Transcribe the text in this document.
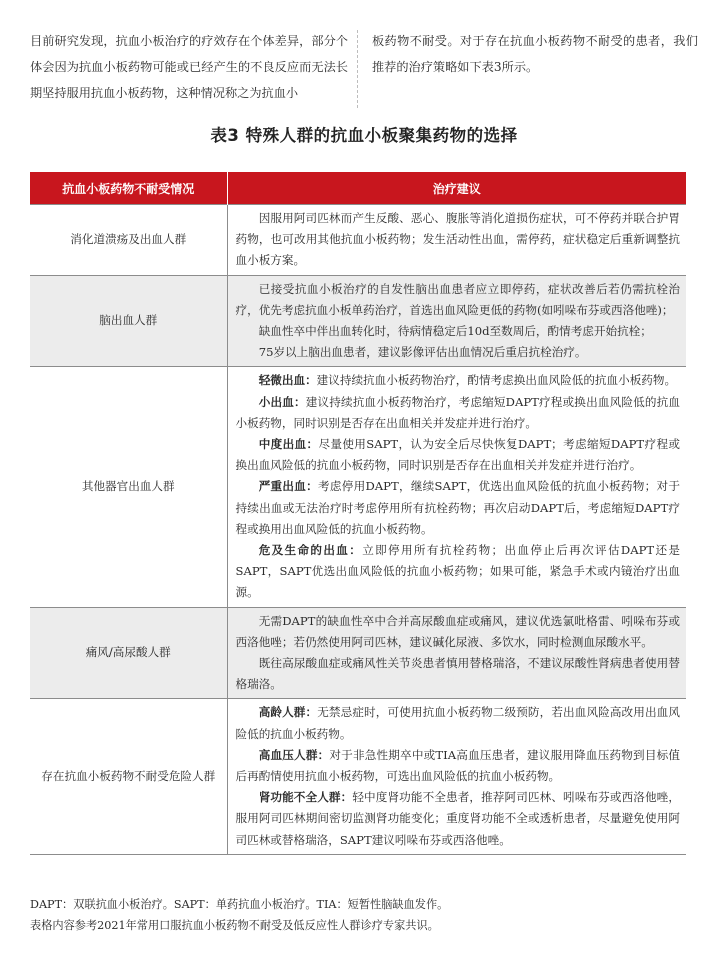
目前研究发现，抗血小板治疗的疗效存在个体差异，部分个体会因为抗血小板药物可能或已经产生的不良反应而无法长期坚持服用抗血小板药物，这种情况称之为抗血小
板药物不耐受。对于存在抗血小板药物不耐受的患者，我们推荐的治疗策略如下表3所示。
表3 特殊人群的抗血小板聚集药物的选择
抗血小板药物不耐受情况	治疗建议
消化道溃疡及出血人群	因服用阿司匹林而产生反酸、恶心、腹胀等消化道损伤症状，可不停药并联合护胃药物，也可改用其他抗血小板药物；发生活动性出血，需停药，症状稳定后重新调整抗血小板方案。

脑出血人群	已接受抗血小板治疗的自发性脑出血患者应立即停药，症状改善后若仍需抗栓治疗，优先考虑抗血小板单药治疗，首选出血风险更低的药物(如吲哚布芬或西洛他唑)；
缺血性卒中伴出血转化时，待病情稳定后10d至数周后，酌情考虑开始抗栓；
75岁以上脑出血患者，建议影像评估出血情况后重启抗栓治疗。

其他器官出血人群	轻微出血：建议持续抗血小板药物治疗，酌情考虑换出血风险低的抗血小板药物。
小出血：建议持续抗血小板药物治疗，考虑缩短DAPT疗程或换出血风险低的抗血小板药物，同时识别是否存在出血相关并发症并进行治疗。
中度出血：尽量使用SAPT，认为安全后尽快恢复DAPT；考虑缩短DAPT疗程或换出血风险低的抗血小板药物，同时识别是否存在出血相关并发症并进行治疗。
严重出血：考虑停用DAPT，继续SAPT，优选出血风险低的抗血小板药物；对于持续出血或无法治疗时考虑停用所有抗栓药物；再次启动DAPT后，考虑缩短DAPT疗程或换用出血风险低的抗血小板药物。
危及生命的出血：立即停用所有抗栓药物；出血停止后再次评估DAPT还是SAPT，SAPT优选出血风险低的抗血小板药物；如果可能，紧急手术或内镜治疗出血源。

痛风/高尿酸人群	无需DAPT的缺血性卒中合并高尿酸血症或痛风，建议优选氯吡格雷、吲哚布芬或西洛他唑；若仍然使用阿司匹林，建议碱化尿液、多饮水，同时检测血尿酸水平。
既往高尿酸血症或痛风性关节炎患者慎用替格瑞洛，不建议尿酸性肾病患者使用替格瑞洛。

存在抗血小板药物不耐受危险人群	高龄人群：无禁忌症时，可使用抗血小板药物二级预防，若出血风险高改用出血风险低的抗血小板药物。
高血压人群：对于非急性期卒中或TIA高血压患者，建议服用降血压药物到目标值后再酌情使用抗血小板药物，可选出血风险低的抗血小板药物。
肾功能不全人群：轻中度肾功能不全患者，推荐阿司匹林、吲哚布芬或西洛他唑，服用阿司匹林期间密切监测肾功能变化；重度肾功能不全或透析患者，尽量避免使用阿司匹林或替格瑞洛，SAPT建议吲哚布芬或西洛他唑。
DAPT：双联抗血小板治疗。SAPT：单药抗血小板治疗。TIA：短暂性脑缺血发作。
表格内容参考2021年常用口服抗血小板药物不耐受及低反应性人群诊疗专家共识。
